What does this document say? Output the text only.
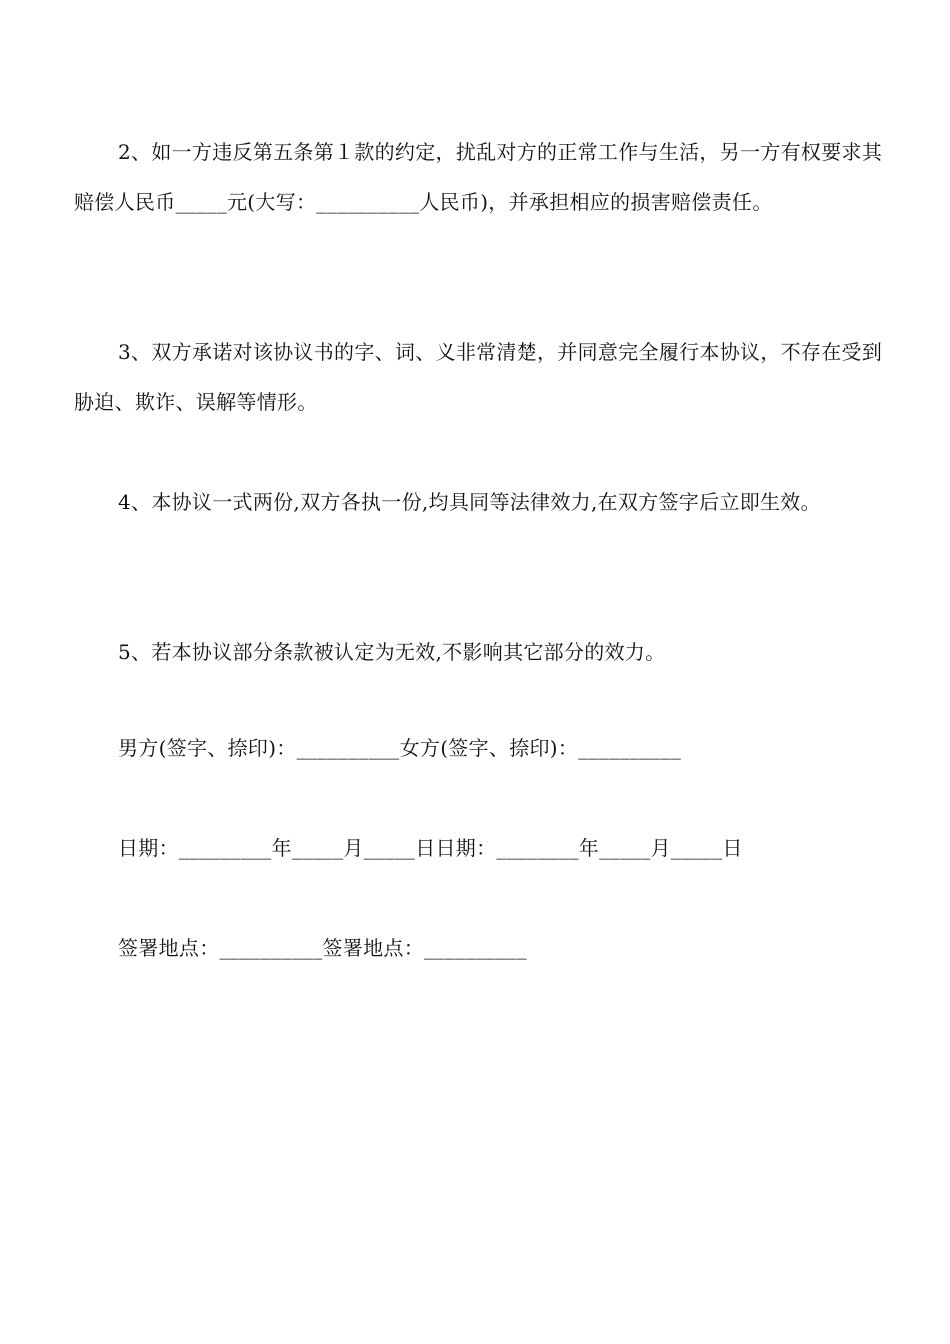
2、如一方违反第五条第１款的约定，扰乱对方的正常工作与生活，另一方有权要求其赔偿人民币_____元(大写：__________人民币)，并承担相应的损害赔偿责任。

3、双方承诺对该协议书的字、词、义非常清楚，并同意完全履行本协议，不存在受到胁迫、欺诈、误解等情形。

4、本协议一式两份,双方各执一份,均具同等法律效力,在双方签字后立即生效。

5、若本协议部分条款被认定为无效,不影响其它部分的效力。

男方(签字、捺印)：__________女方(签字、捺印)：__________

日期：_________年_____月_____日日期：________年_____月_____日

签署地点：__________签署地点：__________
